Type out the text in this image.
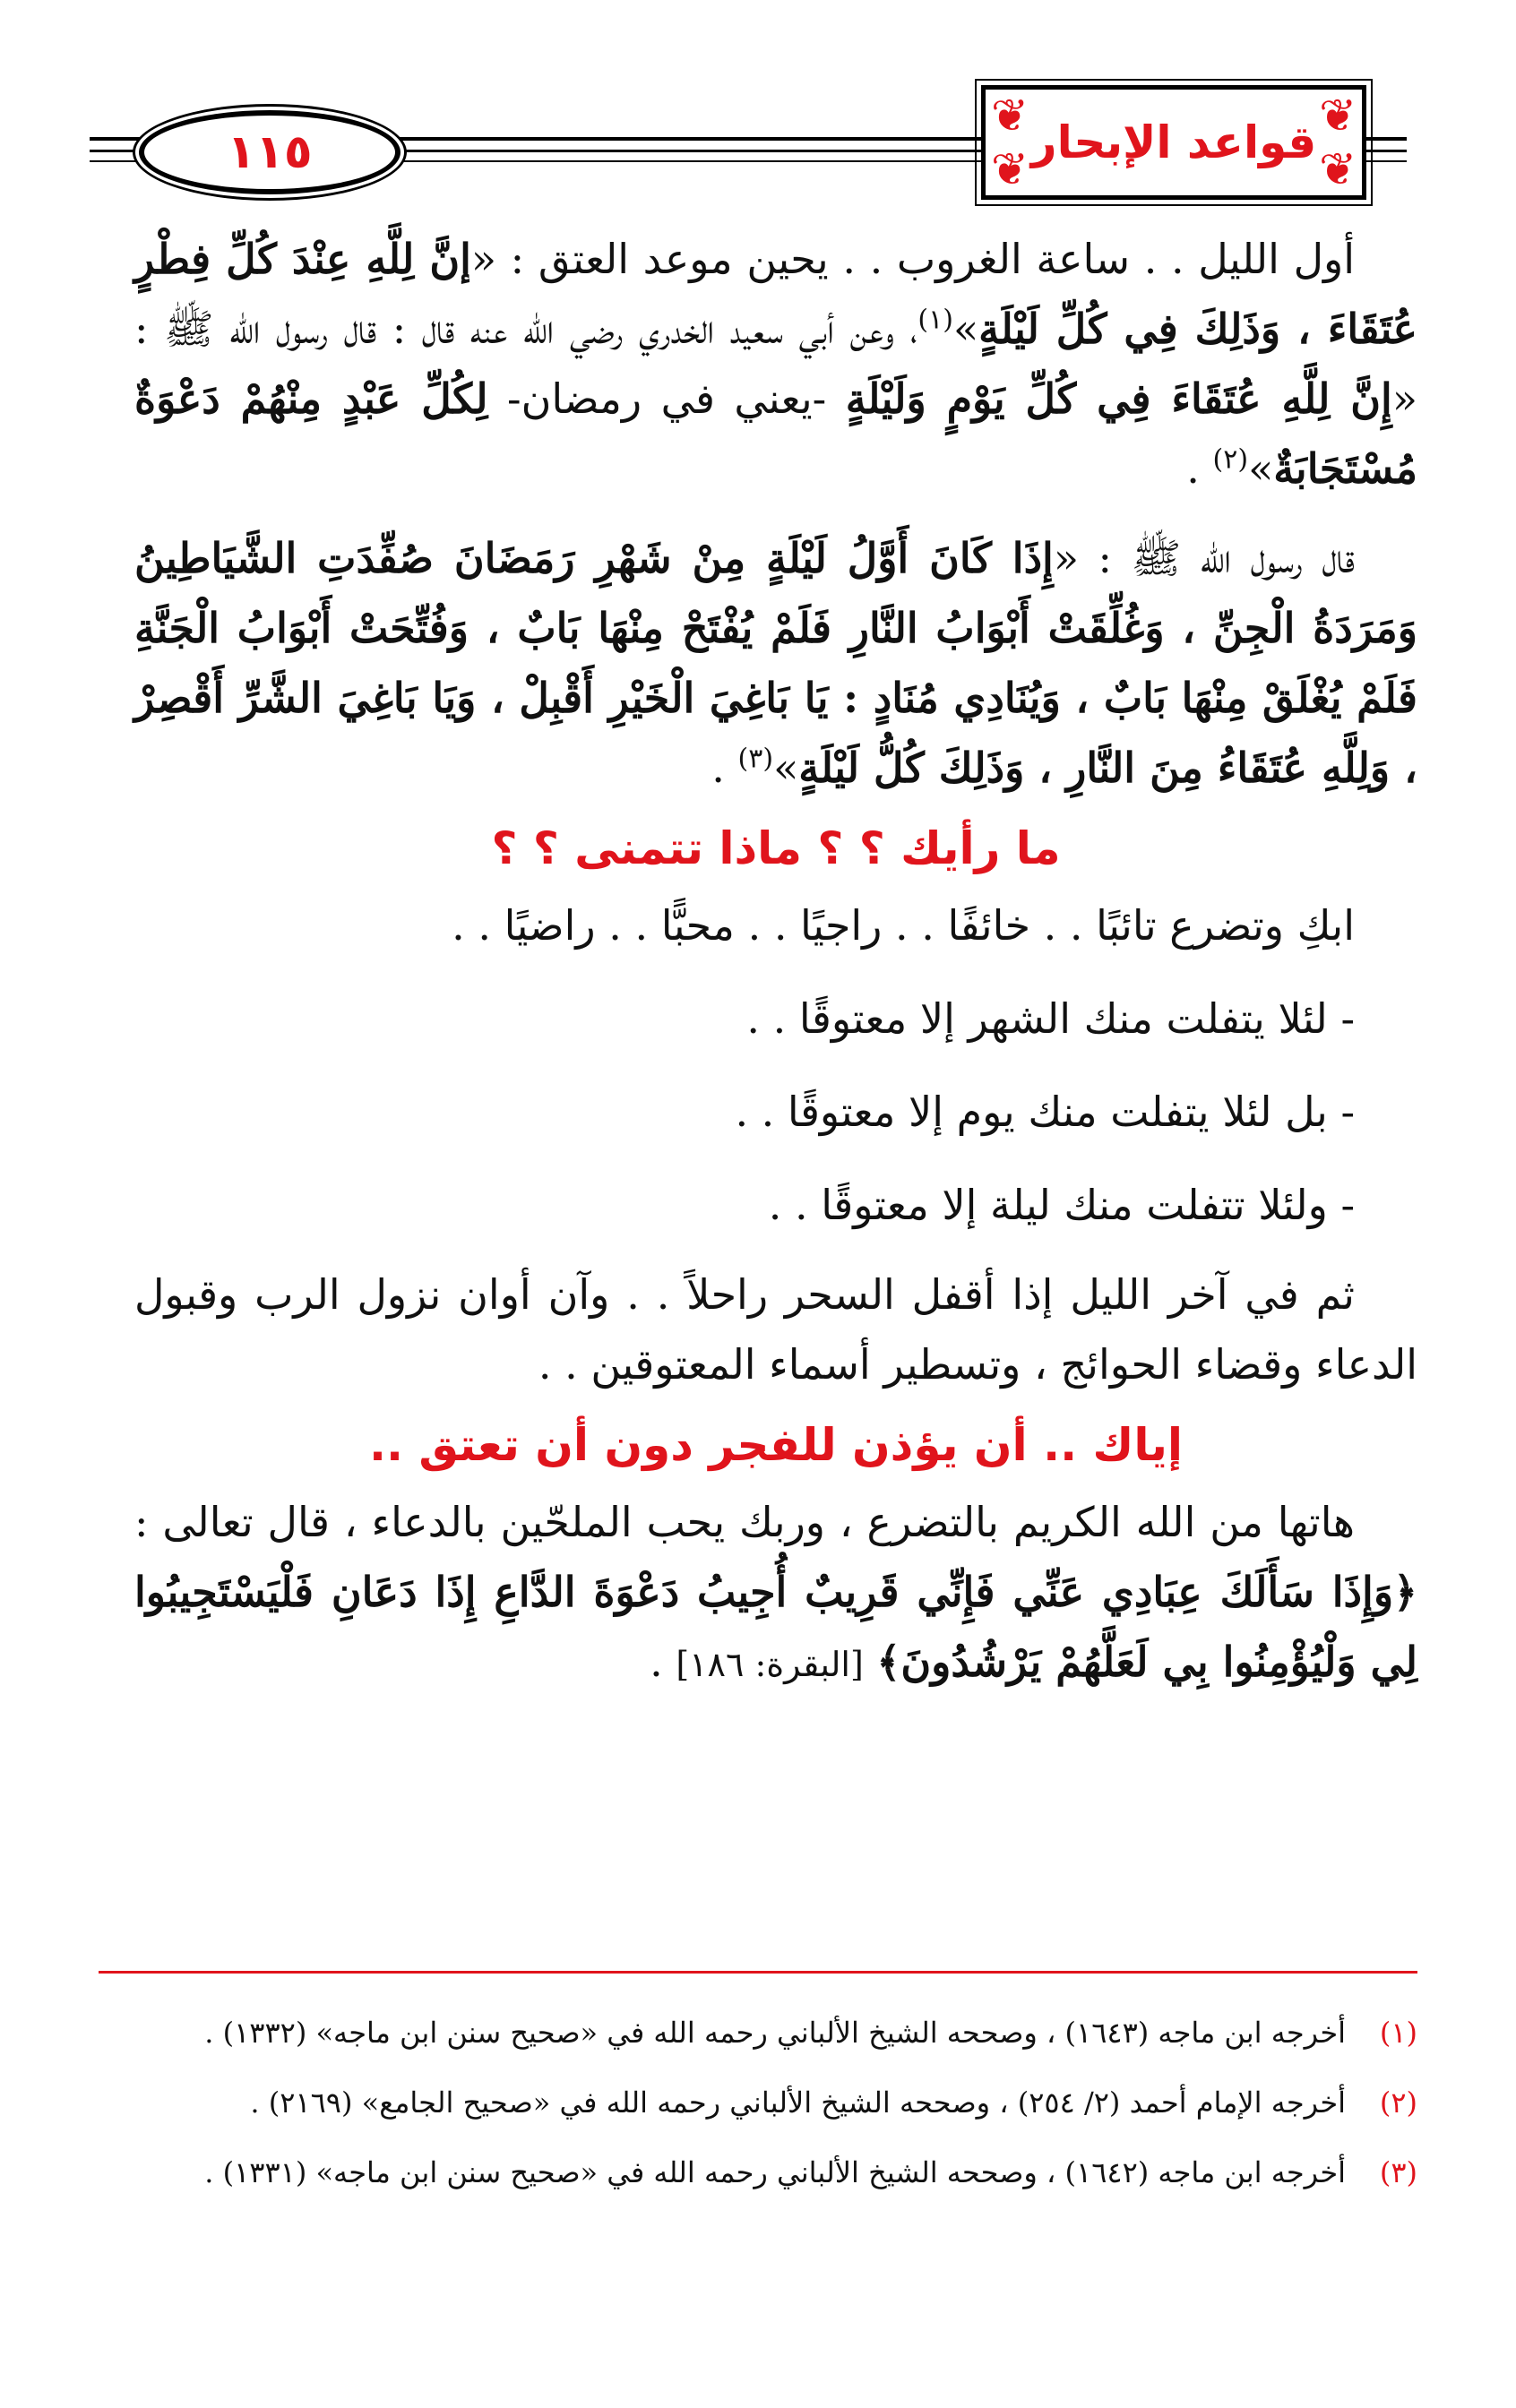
١١٥
❦	❦
❦	❦
قواعد الإبحار

أول الليل . . ساعة الغروب . . يحين موعد العتق : «إنَّ لِلَّهِ عِنْدَ كُلِّ فِطْرٍ عُتَقَاءَ ، وَذَلِكَ فِي كُلِّ لَيْلَةٍ»$^{(١)}$، وعن أبي سعيد الخدري رضي الله عنه قال : قال رسول الله ﷺ : «إِنَّ لِلَّهِ عُتَقَاءَ فِي كُلِّ يَوْمٍ وَلَيْلَةٍ -يعني في رمضان- لِكُلِّ عَبْدٍ مِنْهُمْ دَعْوَةٌ مُسْتَجَابَةٌ»$^{(٢)}$ .

قال رسول الله ﷺ : «إِذَا كَانَ أَوَّلُ لَيْلَةٍ مِنْ شَهْرِ رَمَضَانَ صُفِّدَتِ الشَّيَاطِينُ وَمَرَدَةُ الْجِنِّ ، وَغُلِّقَتْ أَبْوَابُ النَّارِ فَلَمْ يُفْتَحْ مِنْهَا بَابٌ ، وَفُتِّحَتْ أَبْوَابُ الْجَنَّةِ فَلَمْ يُغْلَقْ مِنْهَا بَابٌ ، وَيُنَادِي مُنَادٍ : يَا بَاغِيَ الْخَيْرِ أَقْبِلْ ، وَيَا بَاغِيَ الشَّرِّ أَقْصِرْ ، وَلِلَّهِ عُتَقَاءُ مِنَ النَّارِ ، وَذَلِكَ كُلُّ لَيْلَةٍ»$^{(٣)}$ .

ما رأيك ؟ ؟ ماذا تتمنى ؟ ؟

ابكِ وتضرع تائبًا . . خائفًا . . راجيًا . . محبًّا . . راضيًا . .

- لئلا يتفلت منك الشهر إلا معتوقًا . .

- بل لئلا يتفلت منك يوم إلا معتوقًا . .

- ولئلا تتفلت منك ليلة إلا معتوقًا . .

ثم في آخر الليل إذا أقفل السحر راحلاً . . وآن أوان نزول الرب وقبول الدعاء وقضاء الحوائج ، وتسطير أسماء المعتوقين . .

إياك .. أن يؤذن للفجر دون أن تعتق ..

هاتها من الله الكريم بالتضرع ، وربك يحب الملحّين بالدعاء ، قال تعالى : ﴿وَإِذَا سَأَلَكَ عِبَادِي عَنِّي فَإِنِّي قَرِيبٌ أُجِيبُ دَعْوَةَ الدَّاعِ إِذَا دَعَانِ فَلْيَسْتَجِيبُوا لِي وَلْيُؤْمِنُوا بِي لَعَلَّهُمْ يَرْشُدُونَ﴾ [البقرة: ١٨٦] .

(١)
أخرجه ابن ماجه (١٦٤٣) ، وصححه الشيخ الألباني رحمه الله في «صحيح سنن ابن ماجه» (١٣٣٢) .
(٢)
أخرجه الإمام أحمد (٢/ ٢٥٤) ، وصححه الشيخ الألباني رحمه الله في «صحيح الجامع» (٢١٦٩) .
(٣)
أخرجه ابن ماجه (١٦٤٢) ، وصححه الشيخ الألباني رحمه الله في «صحيح سنن ابن ماجه» (١٣٣١) .
